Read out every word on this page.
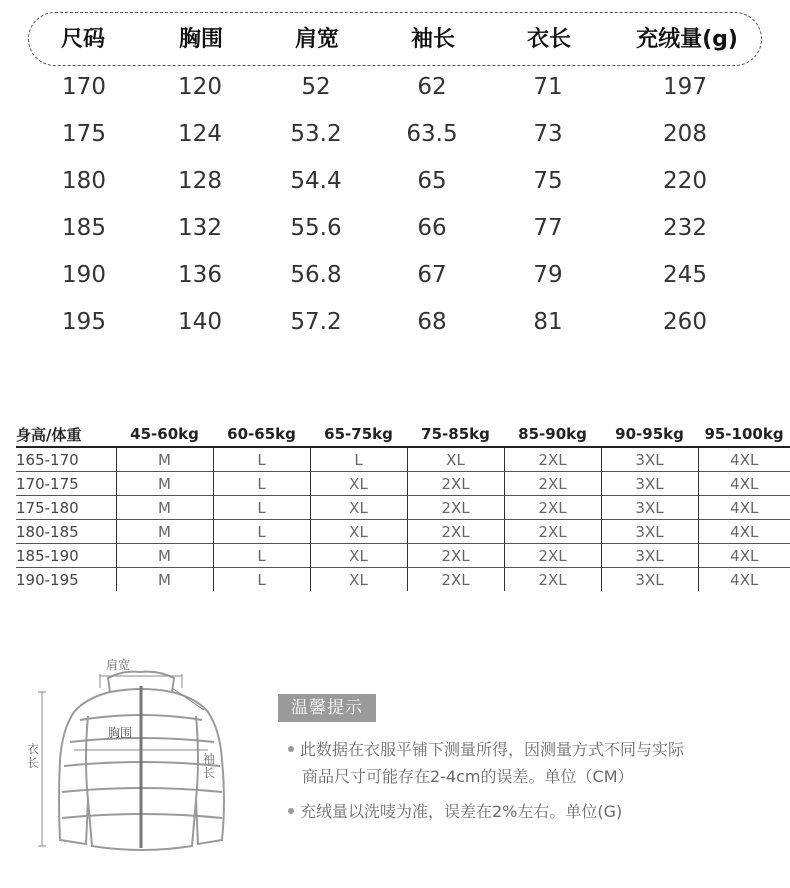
尺码	胸围	肩宽	袖长	衣长	充绒量(g)
170	120	52	62	71	197
175	124	53.2	63.5	73	208
180	128	54.4	65	75	220
185	132	55.6	66	77	232
190	136	56.8	67	79	245
195	140	57.2	68	81	260
身高/体重	45-60kg	60-65kg	65-75kg	75-85kg	85-90kg	90-95kg	95-100kg
165-170	M	L	L	XL	2XL	3XL	4XL
170-175	M	L	XL	2XL	2XL	3XL	4XL
175-180	M	L	XL	2XL	2XL	3XL	4XL
180-185	M	L	XL	2XL	2XL	3XL	4XL
185-190	M	L	XL	2XL	2XL	3XL	4XL
190-195	M	L	XL	2XL	2XL	3XL	4XL
肩宽
胸围
衣长	袖长
温馨提示
此数据在衣服平铺下测量所得，因测量方式不同与实际
商品尺寸可能存在2-4cm的误差。单位（CM）
充绒量以洗唛为准，误差在2%左右。单位(G)
